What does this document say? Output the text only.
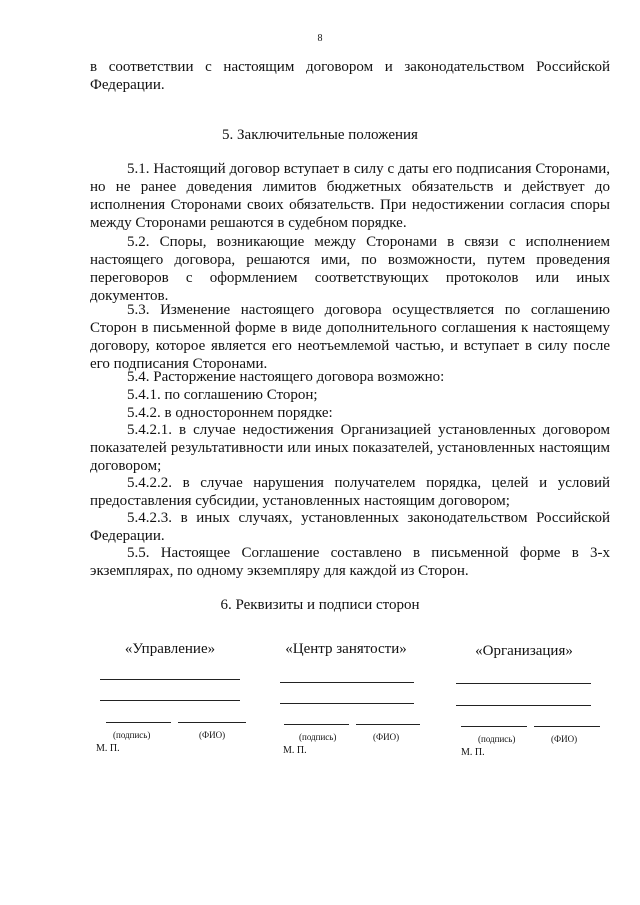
8

в соответствии с настоящим договором и законодательством Российской Федерации.

5. Заключительные положения

5.1. Настоящий договор вступает в силу с даты его подписания Сторонами, но не ранее доведения лимитов бюджетных обязательств и действует до исполнения Сторонами своих обязательств. При недостижении согласия споры между Сторонами решаются в судебном порядке.

5.2. Споры, возникающие между Сторонами в связи с исполнением настоящего договора, решаются ими, по возможности, путем проведения переговоров с оформлением соответствующих протоколов или иных документов.

5.3. Изменение настоящего договора осуществляется по соглашению Сторон в письменной форме в виде дополнительного соглашения к настоящему договору, которое является его неотъемлемой частью, и вступает в силу после его подписания Сторонами.

5.4. Расторжение настоящего договора возможно:
5.4.1. по соглашению Сторон;
5.4.2. в одностороннем порядке:

5.4.2.1. в случае недостижения Организацией установленных договором показателей результативности или иных показателей, установленных настоящим договором;

5.4.2.2. в случае нарушения получателем порядка, целей и условий предоставления субсидии, установленных настоящим договором;

5.4.2.3. в иных случаях, установленных законодательством Российской Федерации.

5.5. Настоящее Соглашение составлено в письменной форме в 3-х экземплярах, по одному экземпляру для каждой из Сторон.

6. Реквизиты и подписи сторон
«Управление»
(подпись)	(ФИО)
М. П.
«Центр занятости»
(подпись)	(ФИО)
М. П.
«Организация»
(подпись)	(ФИО)
М. П.
